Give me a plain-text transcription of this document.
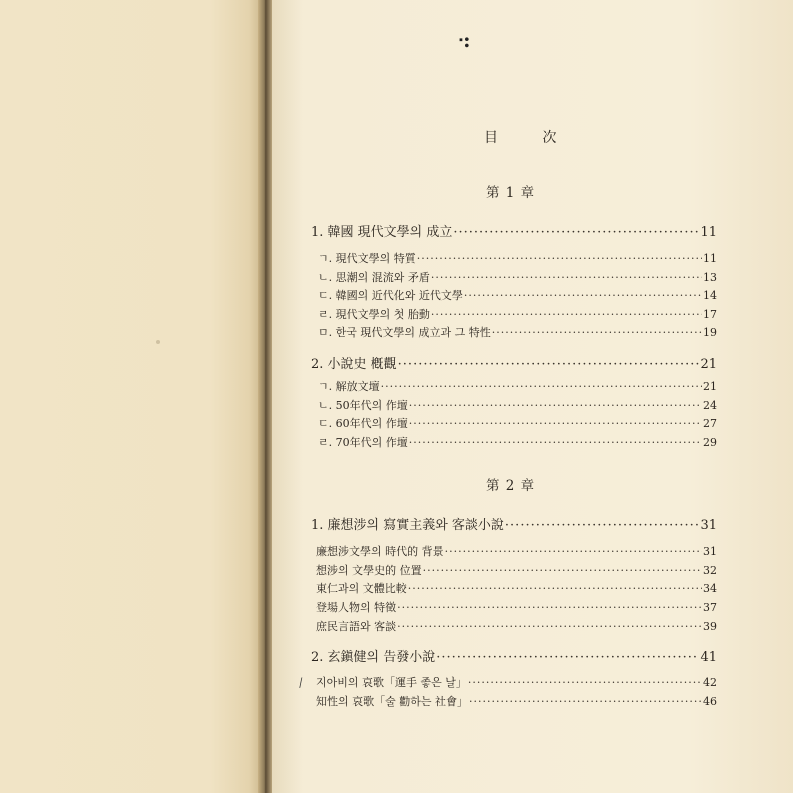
ᐧ:
目 次
第 1 章
1. 韓國 現代文學의 成立 ·····	11
ㄱ. 現代文學의 特質 ·····	11
ㄴ. 思潮의 混流와 矛盾 ·····	13
ㄷ. 韓國의 近代化와 近代文學 ·····	14
ㄹ. 現代文學의 첫 胎動 ·····	17
ㅁ. 한국 現代文學의 成立과 그 特性 ·····	19
2. 小說史 槪觀 ·····	21
ㄱ. 解放文壇 ·····	21
ㄴ. 50年代의 作壇 ·····	24
ㄷ. 60年代의 作壇 ·····	27
ㄹ. 70年代의 作壇 ·····	29
第 2 章
1. 廉想涉의 寫實主義와 客談小說 ·····	31
廉想涉文學의 時代的 背景 ·····	31
想涉의 文學史的 位置 ·····	32
東仁과의 文體比較 ·····	34
登場人物의 特徵 ·····	37
庶民言語와 客談 ·····	39
2. 玄鎭健의 告發小說 ·····	41
지아비의 哀歌「運手 좋은 날」 ·····	42
知性의 哀歌「술 勸하는 社會」 ·····	46
⁄
